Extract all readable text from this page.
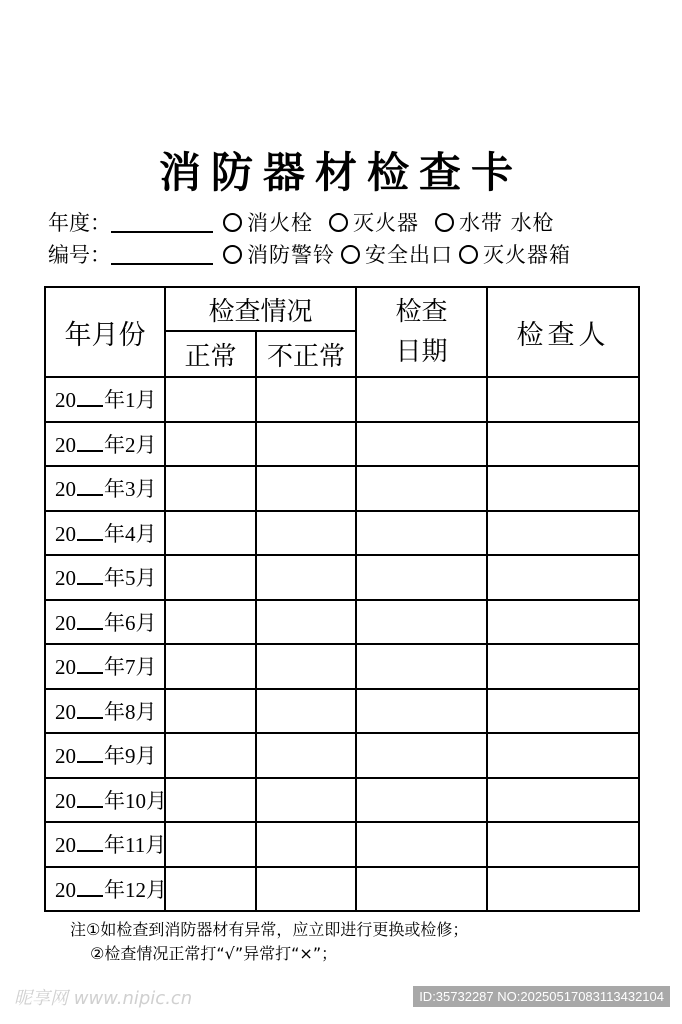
消防器材检查卡
年度：	消火栓 灭火器 水带 水枪
编号：	消防警铃 安全出口 灭火器箱
年月份	检查情况		检查日期	检查人
	正常	不正常		
20 年1月				
20 年2月				
20 年3月				
20 年4月				
20 年5月				
20 年6月				
20 年7月				
20 年8月				
20 年9月				
20 年10月				
20 年11月				
20 年12月				
注①如检查到消防器材有异常，应立即进行更换或检修；
②检查情况正常打“√”异常打“×”；
昵享网 www.nipic.cn	ID:35732287 NO:20250517083113432104
